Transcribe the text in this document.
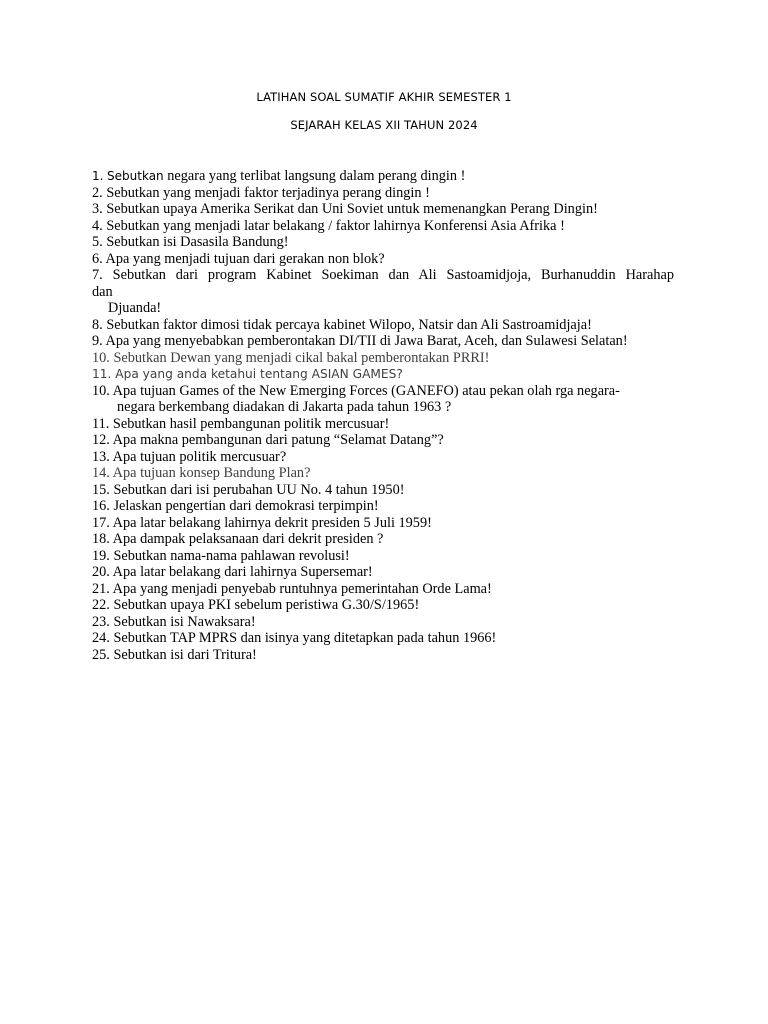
LATIHAN SOAL SUMATIF AKHIR SEMESTER 1
SEJARAH KELAS XII TAHUN 2024
1. Sebutkan negara yang terlibat langsung dalam perang dingin !
2. Sebutkan yang menjadi faktor terjadinya perang dingin !
3. Sebutkan upaya Amerika Serikat dan Uni Soviet untuk memenangkan Perang Dingin!
4. Sebutkan yang menjadi latar belakang / faktor lahirnya Konferensi Asia Afrika !
5. Sebutkan isi Dasasila Bandung!
6. Apa yang menjadi tujuan dari gerakan non blok?
7. Sebutkan dari program Kabinet Soekiman dan Ali Sastoamidjoja, Burhanuddin Harahap
dan
Djuanda!
8. Sebutkan faktor dimosi tidak percaya kabinet Wilopo, Natsir dan Ali Sastroamidjaja!
9. Apa yang menyebabkan pemberontakan DI/TII di Jawa Barat, Aceh, dan Sulawesi Selatan!
10. Sebutkan Dewan yang menjadi cikal bakal pemberontakan PRRI!
11. Apa yang anda ketahui tentang ASIAN GAMES?
10. Apa tujuan Games of the New Emerging Forces (GANEFO) atau pekan olah rga negara-
negara berkembang diadakan di Jakarta pada tahun 1963 ?
11. Sebutkan hasil pembangunan politik mercusuar!
12. Apa makna pembangunan dari patung “Selamat Datang”?
13. Apa tujuan politik mercusuar?
14. Apa tujuan konsep Bandung Plan?
15. Sebutkan dari isi perubahan UU No. 4 tahun 1950!
16. Jelaskan pengertian dari demokrasi terpimpin!
17. Apa latar belakang lahirnya dekrit presiden 5 Juli 1959!
18. Apa dampak pelaksanaan dari dekrit presiden ?
19. Sebutkan nama-nama pahlawan revolusi!
20. Apa latar belakang dari lahirnya Supersemar!
21. Apa yang menjadi penyebab runtuhnya pemerintahan Orde Lama!
22. Sebutkan upaya PKI sebelum peristiwa G.30/S/1965!
23. Sebutkan isi Nawaksara!
24. Sebutkan TAP MPRS dan isinya yang ditetapkan pada tahun 1966!
25. Sebutkan isi dari Tritura!
